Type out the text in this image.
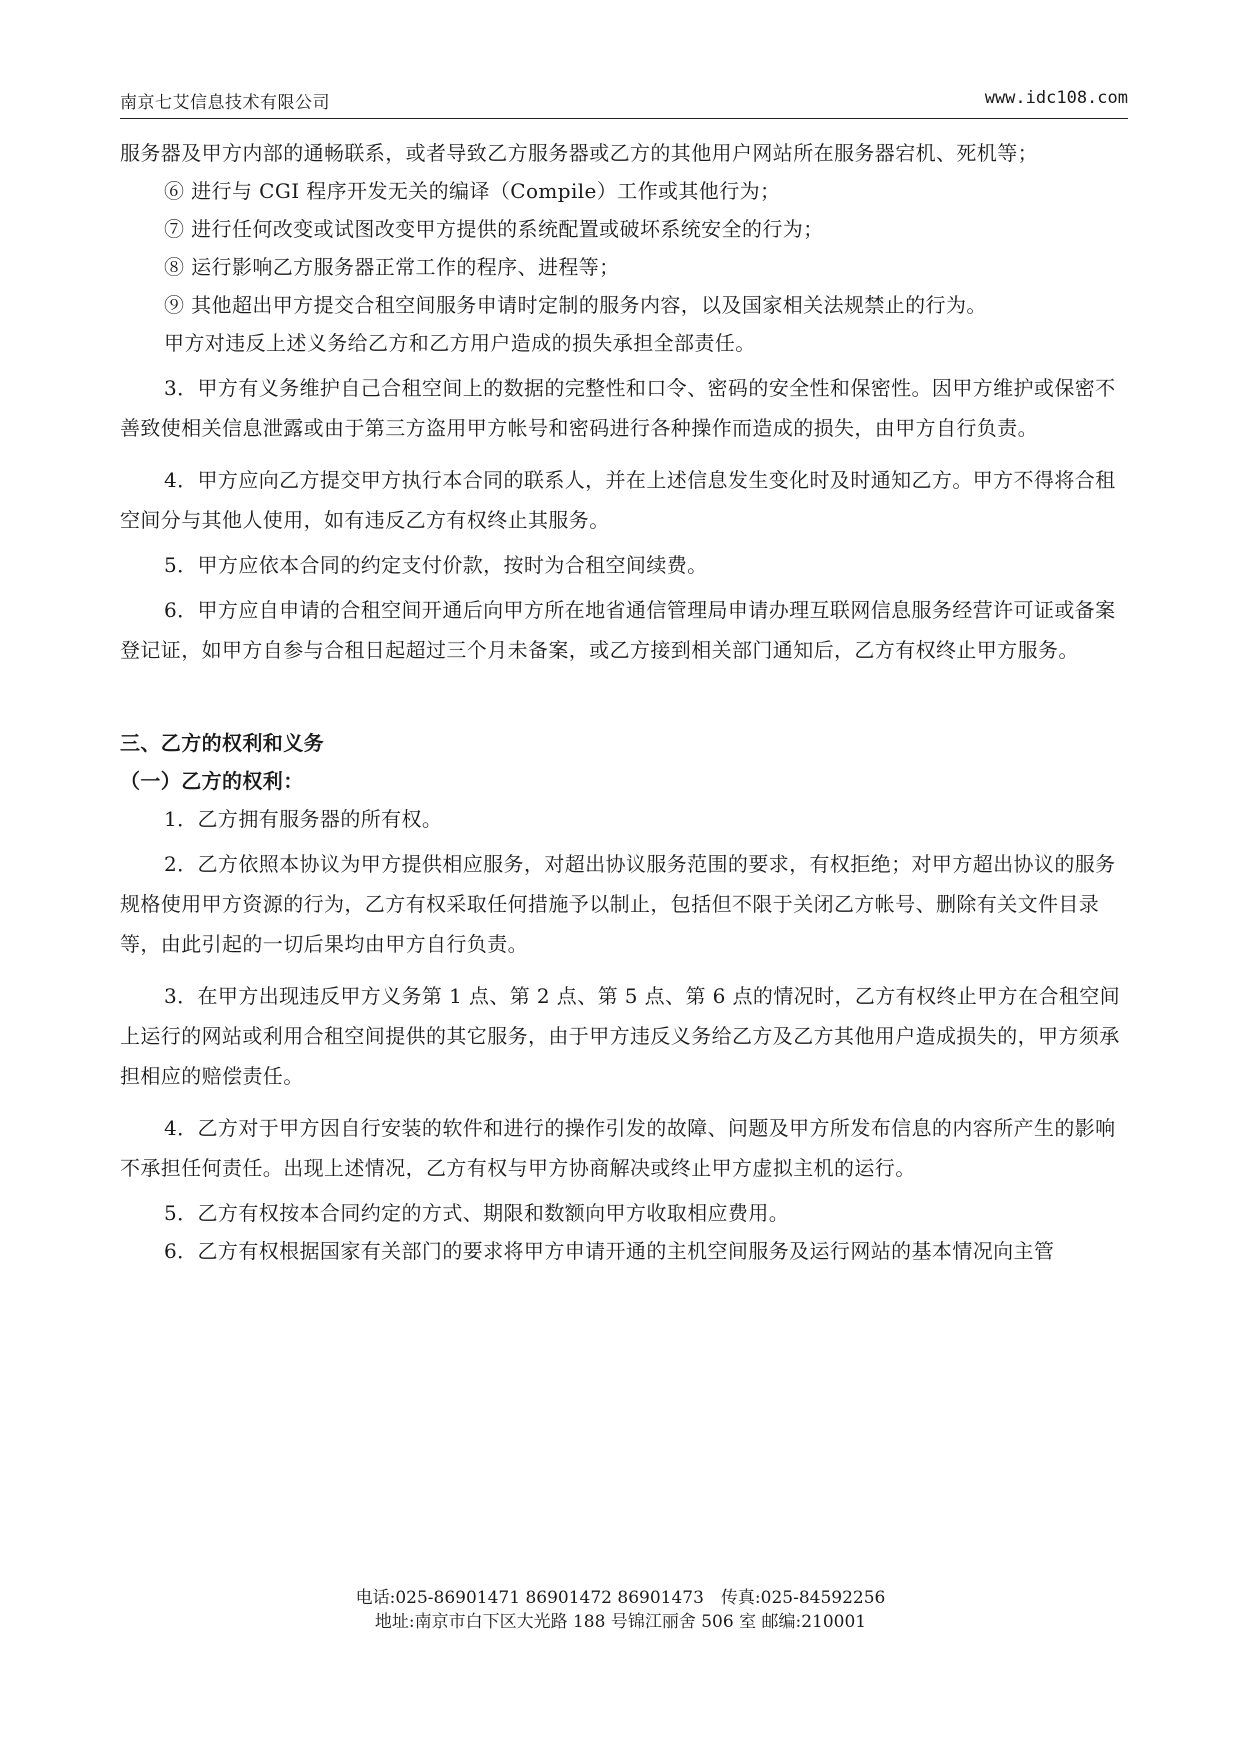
南京七艾信息技术有限公司	www.idc108.com

服务器及甲方内部的通畅联系，或者导致乙方服务器或乙方的其他用户网站所在服务器宕机、死机等；

⑥ 进行与 CGI 程序开发无关的编译（Compile）工作或其他行为；

⑦ 进行任何改变或试图改变甲方提供的系统配置或破坏系统安全的行为；

⑧ 运行影响乙方服务器正常工作的程序、进程等；

⑨ 其他超出甲方提交合租空间服务申请时定制的服务内容，以及国家相关法规禁止的行为。

甲方对违反上述义务给乙方和乙方用户造成的损失承担全部责任。

3．甲方有义务维护自己合租空间上的数据的完整性和口令、密码的安全性和保密性。因甲方维护或保密不善致使相关信息泄露或由于第三方盗用甲方帐号和密码进行各种操作而造成的损失，由甲方自行负责。

4．甲方应向乙方提交甲方执行本合同的联系人，并在上述信息发生变化时及时通知乙方。甲方不得将合租空间分与其他人使用，如有违反乙方有权终止其服务。

5．甲方应依本合同的约定支付价款，按时为合租空间续费。

6．甲方应自申请的合租空间开通后向甲方所在地省通信管理局申请办理互联网信息服务经营许可证或备案登记证，如甲方自参与合租日起超过三个月未备案，或乙方接到相关部门通知后，乙方有权终止甲方服务。

三、乙方的权利和义务

（一）乙方的权利：

1．乙方拥有服务器的所有权。

2．乙方依照本协议为甲方提供相应服务，对超出协议服务范围的要求，有权拒绝；对甲方超出协议的服务规格使用甲方资源的行为，乙方有权采取任何措施予以制止，包括但不限于关闭乙方帐号、删除有关文件目录等，由此引起的一切后果均由甲方自行负责。

3．在甲方出现违反甲方义务第 1 点、第 2 点、第 5 点、第 6 点的情况时，乙方有权终止甲方在合租空间上运行的网站或利用合租空间提供的其它服务，由于甲方违反义务给乙方及乙方其他用户造成损失的，甲方须承担相应的赔偿责任。

4．乙方对于甲方因自行安装的软件和进行的操作引发的故障、问题及甲方所发布信息的内容所产生的影响不承担任何责任。出现上述情况，乙方有权与甲方协商解决或终止甲方虚拟主机的运行。

5．乙方有权按本合同约定的方式、期限和数额向甲方收取相应费用。

6．乙方有权根据国家有关部门的要求将甲方申请开通的主机空间服务及运行网站的基本情况向主管

电话:025-86901471 86901472 86901473　传真:025-84592256
地址:南京市白下区大光路 188 号锦江丽舍 506 室 邮编:210001
